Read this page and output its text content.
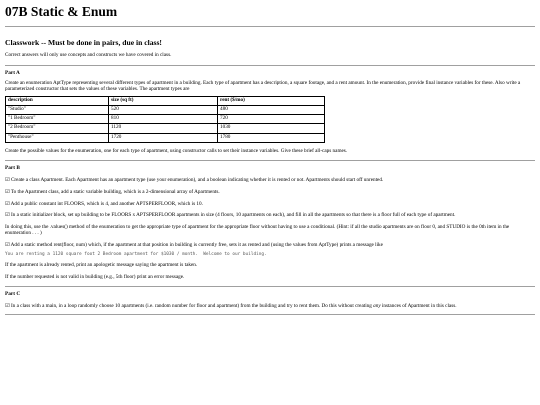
07B Static & Enum
Classwork -- Must be done in pairs, due in class!

Correct answers will only use concepts and constructs we have covered in class.

Part A

Create an enumeration AptType representing several different types of apartment in a building. Each type of apartment has a description, a square footage, and a rent amount. In the enumeration, provide final instance variables for these. Also write a parameterized constructor that sets the values of these variables. The apartment types are

description	size (sq ft)	rent ($/mo)
"Studio"	520	480
"1 Bedroom"	810	720
"2 Bedroom"	1120	1030
"Penthouse"	1720	1780

Create the possible values for the enumeration, one for each type of apartment, using constructor calls to set their instance variables. Give these brief all-caps names.

Part B

☑ Create a class Apartment. Each Apartment has an apartment type (use your enumeration), and a boolean indicating whether it is rented or not. Apartments should start off unrented.

☑ To the Apartment class, add a static variable building, which is a 2-dimensional array of Apartments.

☑ Add a public constant int FLOORS, which is 4, and another APTSPERFLOOR, which is 10.

☑ In a static initializer block, set up building to be FLOORS x APTSPERFLOOR apartments in size (4 floors, 10 apartments on each), and fill in all the apartments so that there is a floor full of each type of apartment.

In doing this, use the .values() method of the enumeration to get the appropriate type of apartment for the appropriate floor without having to use a conditional. (Hint: if all the studio apartments are on floor 0, and STUDIO is the 0th item in the enumeration . . . )

☑ Add a static method rent(floor, num) which, if the apartment at that position in building is currently free, sets it as rented and (using the values from AptType) prints a message like

You are renting a 1120 square foot 2 Bedroom apartment for $1030 / month.  Welcome to our building.

If the apartment is already rented, print an apologetic message saying the apartment is taken.

If the number requested is not valid in building (e.g., 5th floor) print an error message.

Part C

☑ In a class with a main, in a loop randomly choose 10 apartments (i.e. random number for floor and apartment) from the building and try to rent them. Do this without creating any instances of Apartment in this class.
